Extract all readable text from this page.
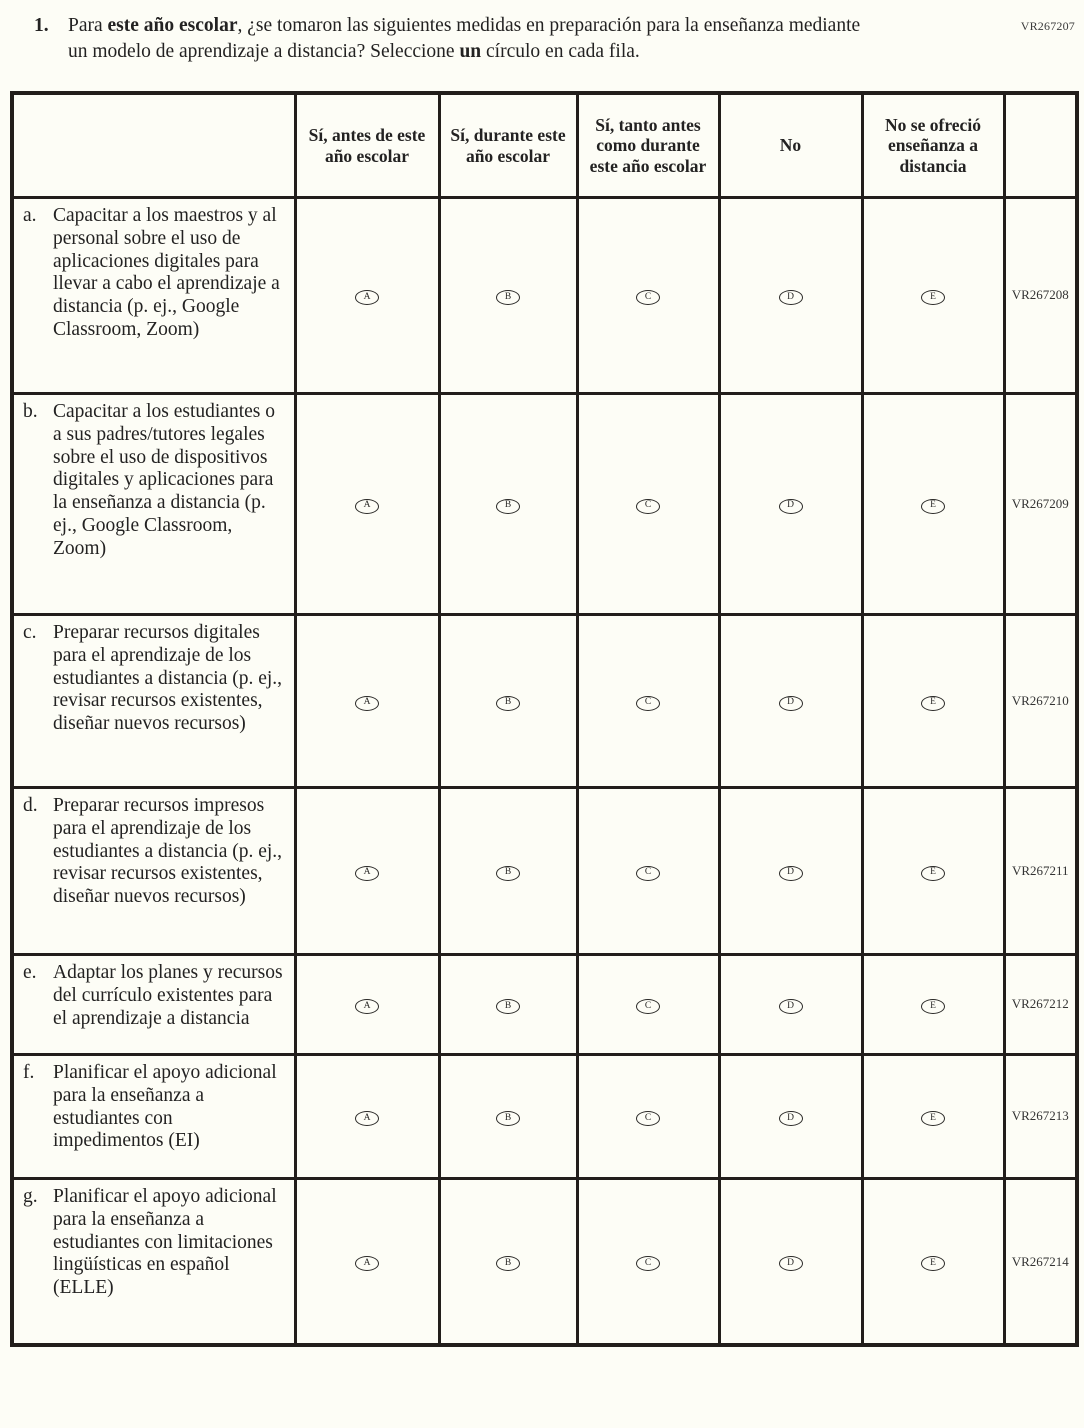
VR267207
1. Para este año escolar, ¿se tomaron las siguientes medidas en preparación para la enseñanza mediante un modelo de aprendizaje a distancia? Seleccione un círculo en cada fila.
	Sí, antes de este año escolar	Sí, durante este año escolar	Sí, tanto antes como durante este año escolar	No	No se ofreció enseñanza a distancia	

a. Capacitar a los maestros y al personal sobre el uso de aplicaciones digitales para llevar a cabo el aprendizaje a distancia (p. ej., Google Classroom, Zoom)	A	B	C	D	E	VR267208

b. Capacitar a los estudiantes o a sus padres/tutores legales sobre el uso de dispositivos digitales y aplicaciones para la enseñanza a distancia (p. ej., Google Classroom, Zoom)	A	B	C	D	E	VR267209

c. Preparar recursos digitales para el aprendizaje de los estudiantes a distancia (p. ej., revisar recursos existentes, diseñar nuevos recursos)	A	B	C	D	E	VR267210

d. Preparar recursos impresos para el aprendizaje de los estudiantes a distancia (p. ej., revisar recursos existentes, diseñar nuevos recursos)	A	B	C	D	E	VR267211

e. Adaptar los planes y recursos del currículo existentes para el aprendizaje a distancia	A	B	C	D	E	VR267212

f. Planificar el apoyo adicional para la enseñanza a estudiantes con impedimentos (EI)	A	B	C	D	E	VR267213

g. Planificar el apoyo adicional para la enseñanza a estudiantes con limitaciones lingüísticas en español (ELLE)	A	B	C	D	E	VR267214
